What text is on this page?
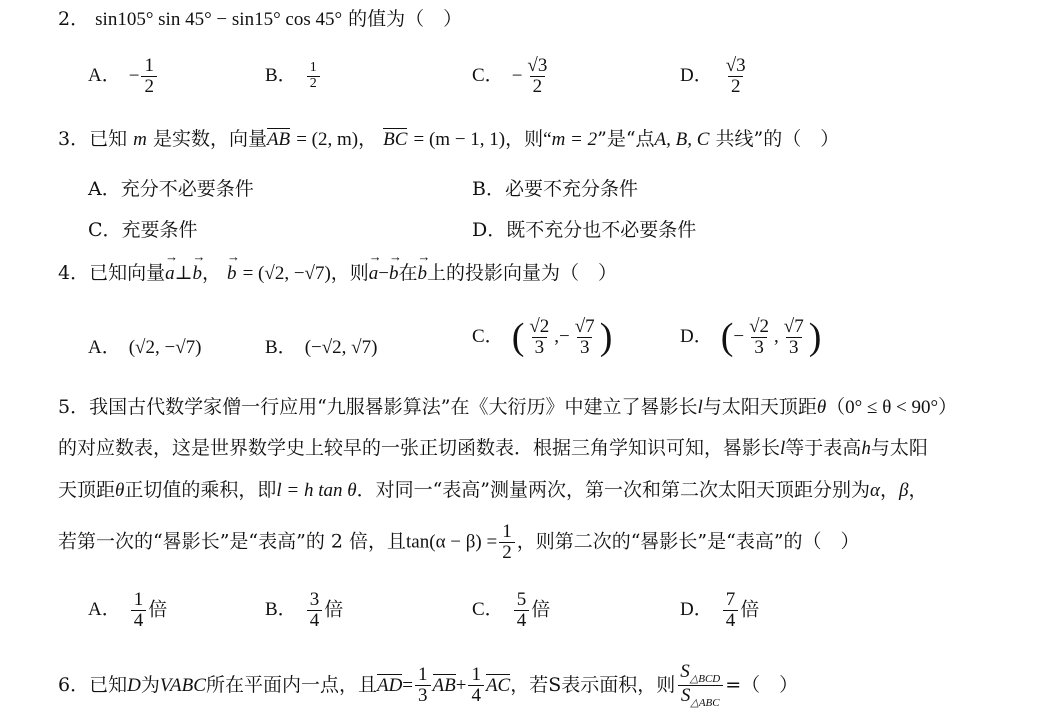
2． sin105° sin 45° − sin15° cos 45° 的值为（　）
A． − $\frac{1}{2}$	B． $\frac{1}{2}$	C． − $\frac{√3}{2}$	D． $\frac{√3}{2}$
3．已知 m 是实数，向量AB = (2, m)， BC = (m − 1, 1)，则“m = 2”是“点A, B, C 共线”的（　）
A．充分不必要条件	B．必要不充分条件
C．充要条件	D．既不充分也不必要条件
4．已知向量→ a⊥→ b， → b = (√2, −√7)，则→ a−→ b在→ b上的投影向量为（　）
A． (√2, −√7)	B． (−√2, √7)
C． ( $\frac{√2}{3}$ ,− $\frac{√7}{3}$ )	D． (− $\frac{√2}{3}$ , $\frac{√7}{3}$ )
5．我国古代数学家僧一行应用“九服晷影算法”在《大衍历》中建立了晷影长l与太阳天顶距θ（0° ≤ θ < 90°）
的对应数表，这是世界数学史上较早的一张正切函数表．根据三角学知识可知，晷影长l等于表高h与太阳
天顶距θ正切值的乘积，即l = h tan θ．对同一“表高”测量两次，第一次和第二次太阳天顶距分别为α，β，
若第一次的“晷影长”是“表高”的 2 倍，且$\tan(\alpha - \beta) = \frac{1}{2}$ ，则第二次的“晷影长”是“表高”的（　）
A． $\frac{1}{4}$ 倍	B． $\frac{3}{4}$ 倍	C． $\frac{5}{4}$ 倍	D． $\frac{7}{4}$ 倍
6．已知D为VABC所在平面内一点，且$AD= \frac{1}{3} AB+ \frac{1}{4}$ AC，若S表示面积，则 $\frac{S_{\triangle BCD}}{S_{\triangle ABC}}$ =（　）
